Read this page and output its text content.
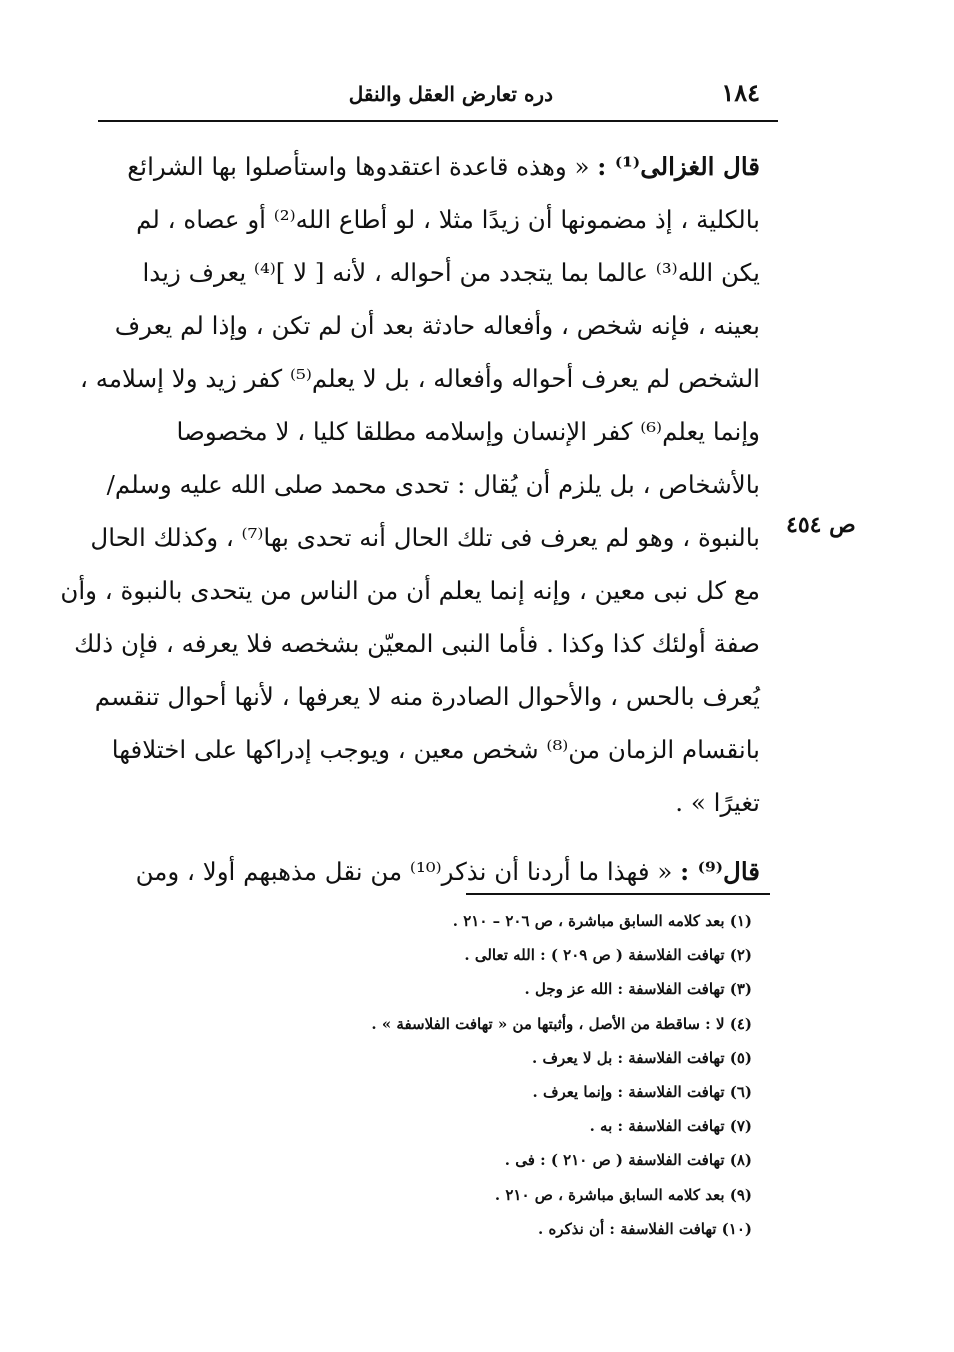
١٨٤
دره تعارض العقل والنقل
ص ٤٥٤
قال الغزالى⁽¹⁾ : « وهذه قاعدة اعتقدوها واستأصلوا بها الشرائع
بالكلية ، إذ مضمونها أن زيدًا مثلا ، لو أطاع الله⁽²⁾ أو عصاه ، لم
يكن الله⁽³⁾ عالما بما يتجدد من أحواله ، لأنه [ لا ]⁽⁴⁾ يعرف زيدا
بعينه ، فإنه شخص ، وأفعاله حادثة بعد أن لم تكن ، وإذا لم يعرف
الشخص لم يعرف أحواله وأفعاله ، بل لا يعلم⁽⁵⁾ كفر زيد ولا إسلامه ،
وإنما يعلم⁽⁶⁾ كفر الإنسان وإسلامه مطلقا كليا ، لا مخصوصا
بالأشخاص ، بل يلزم أن يُقال : تحدى محمد صلى الله عليه وسلم/
بالنبوة ، وهو لم يعرف فى تلك الحال أنه تحدى بها⁽⁷⁾ ، وكذلك الحال
مع كل نبى معين ، وإنه إنما يعلم أن من الناس من يتحدى بالنبوة ، وأن
صفة أولئك كذا وكذا . فأما النبى المعيّن بشخصه فلا يعرفه ، فإن ذلك
يُعرف بالحس ، والأحوال الصادرة منه لا يعرفها ، لأنها أحوال تنقسم
بانقسام الزمان من⁽⁸⁾ شخص معين ، ويوجب إدراكها على اختلافها
تغيرًا » .
قال⁽⁹⁾ : « فهذا ما أردنا أن نذكر⁽¹⁰⁾ من نقل مذهبهم أولا ، ومن
(١) بعد كلامه السابق مباشرة ، ص ٢٠٦ – ٢١٠ .
(٢) تهافت الفلاسفة ( ص ٢٠٩ ) : الله تعالى .
(٣) تهافت الفلاسفة : الله عز وجل .
(٤) لا : ساقطة من الأصل ، وأثبتها من « تهافت الفلاسفة » .
(٥) تهافت الفلاسفة : بل لا يعرف .
(٦) تهافت الفلاسفة : وإنما يعرف .
(٧) تهافت الفلاسفة : به .
(٨) تهافت الفلاسفة ( ص ٢١٠ ) : فى .
(٩) بعد كلامه السابق مباشرة ، ص ٢١٠ .
(١٠) تهافت الفلاسفة : أن نذكره .
